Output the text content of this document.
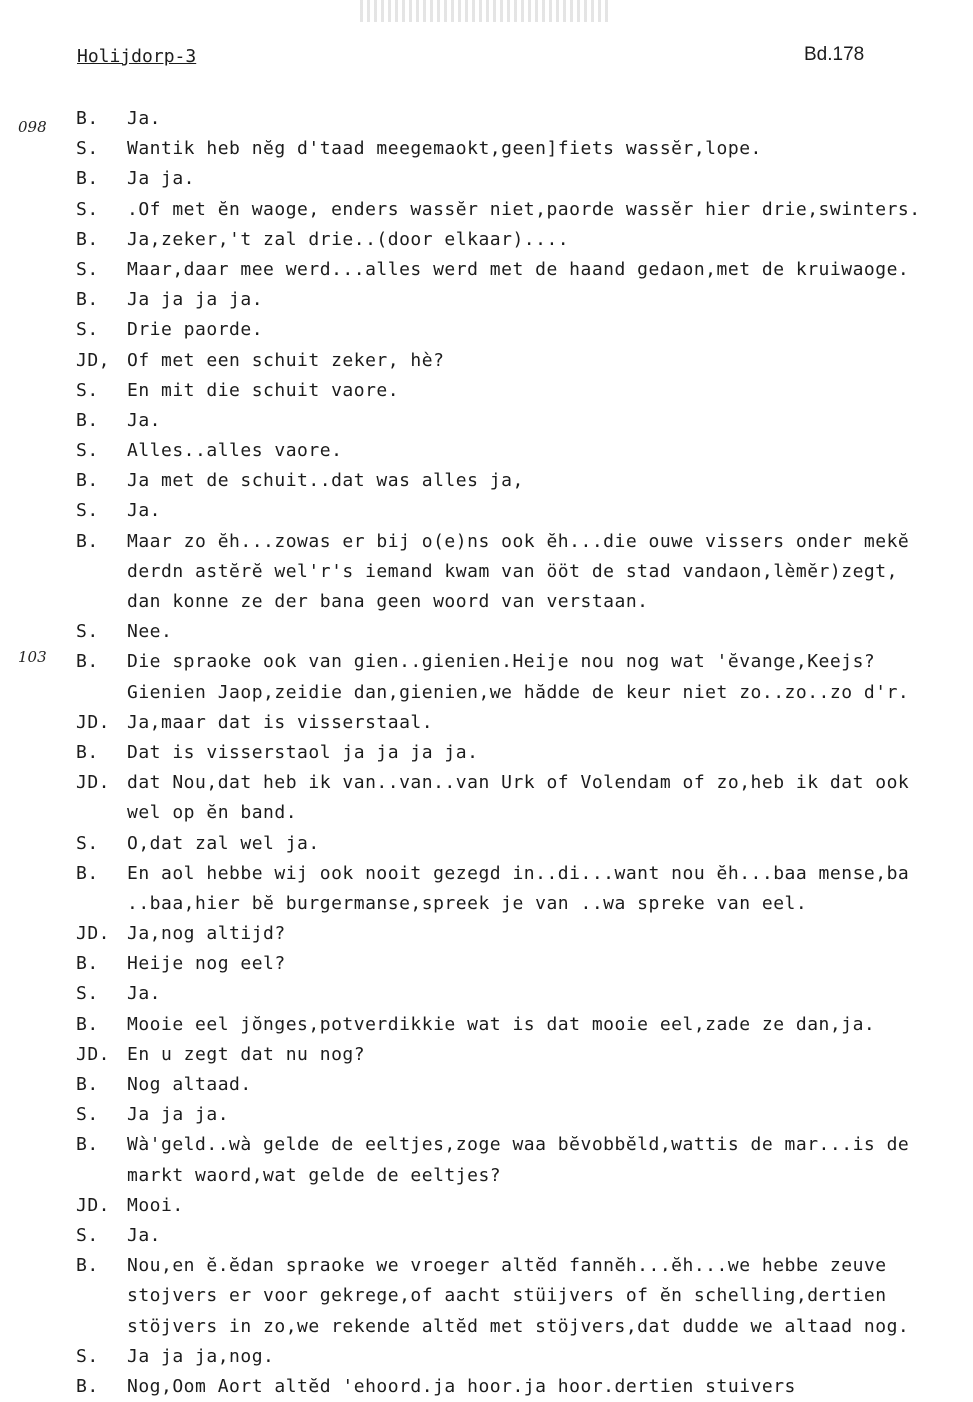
Holijdorp-3	Bd.178
098
103
B. Ja.
S. Wantik heb nĕg d'taad meegemaokt,geen]fiets wassĕr,lope.
B. Ja ja.
S. .Of met ĕn waoge, enders wassĕr niet,paorde wassĕr hier drie,swinters.
B. Ja,zeker,'t zal drie..(door elkaar)....
S. Maar,daar mee werd...alles werd met de haand gedaon,met de kruiwaoge.
B. Ja ja ja ja.
S. Drie paorde.
JD, Of met een schuit zeker, hè?
S. En mit die schuit vaore.
B. Ja.
S. Alles..alles vaore.
B. Ja met de schuit..dat was alles ja,
S. Ja.
B. Maar zo ĕh...zowas er bij o(e)ns ook ĕh...die ouwe vissers onder mekĕ
derdn astĕrĕ wel'r's iemand kwam van ööt de stad vandaon,lèmĕr)zegt,
dan konne ze der bana geen woord van verstaan.
S. Nee.
B. Die spraoke ook van gien..gienien.Heije nou nog wat 'ĕvange,Keejs?
Gienien Jaop,zeidie dan,gienien,we hădde de keur niet zo..zo..zo d'r.
JD. Ja,maar dat is visserstaal.
B. Dat is visserstaol ja ja ja ja.
JD. dat Nou,dat heb ik van..van..van Urk of Volendam of zo,heb ik dat ook
wel op ĕn band.
S. O,dat zal wel ja.
B. En aol hebbe wij ook nooit gezegd in..di...want nou ĕh...baa mense,ba
..baa,hier bĕ burgermanse,spreek je van ..wa spreke van eel.
JD. Ja,nog altijd?
B. Heije nog eel?
S. Ja.
B. Mooie eel jŏnges,potverdikkie wat is dat mooie eel,zade ze dan,ja.
JD. En u zegt dat nu nog?
B. Nog altaad.
S. Ja ja ja.
B. Wà'geld..wà gelde de eeltjes,zoge waa bĕvobbĕld,wattis de mar...is de
markt waord,wat gelde de eeltjes?
JD. Mooi.
S. Ja.
B. Nou,en ĕ.ĕdan spraoke we vroeger altĕd fannĕh...ĕh...we hebbe zeuve
stojvers er voor gekrege,of aacht stüijvers of ĕn schelling,dertien
stöjvers in zo,we rekende altĕd met stöjvers,dat dudde we altaad nog.
S. Ja ja ja,nog.
B. Nog,Oom Aort altĕd 'ehoord.ja hoor.ja hoor.dertien stuivers
